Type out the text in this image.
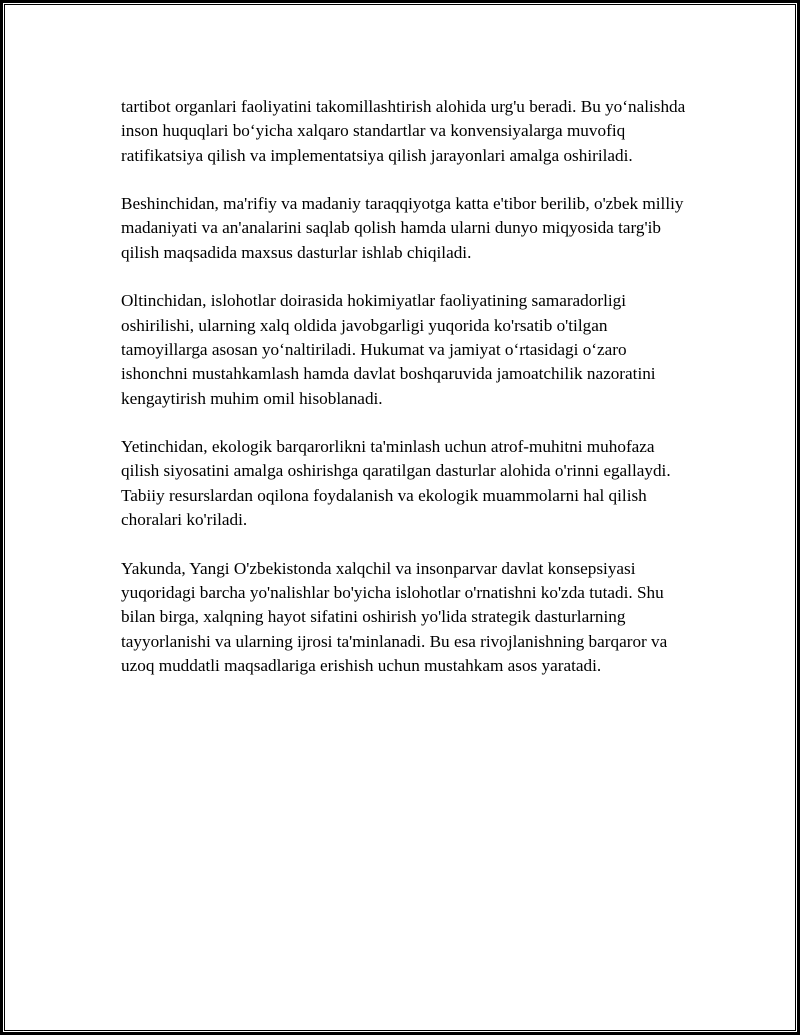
tartibot organlari faoliyatini takomillashtirish alohida urg'u beradi. Bu yo‘nalishda inson huquqlari bo‘yicha xalqaro standartlar va konvensiyalarga muvofiq ratifikatsiya qilish va implementatsiya qilish jarayonlari amalga oshiriladi.

Beshinchidan, ma'rifiy va madaniy taraqqiyotga katta e'tibor berilib, o'zbek milliy madaniyati va an'analarini saqlab qolish hamda ularni dunyo miqyosida targ'ib qilish maqsadida maxsus dasturlar ishlab chiqiladi.

Oltinchidan, islohotlar doirasida hokimiyatlar faoliyatining samaradorligi oshirilishi, ularning xalq oldida javobgarligi yuqorida ko'rsatib o'tilgan tamoyillarga asosan yo‘naltiriladi. Hukumat va jamiyat o‘rtasidagi o‘zaro ishonchni mustahkamlash hamda davlat boshqaruvida jamoatchilik nazoratini kengaytirish muhim omil hisoblanadi.

Yetinchidan, ekologik barqarorlikni ta'minlash uchun atrof-muhitni muhofaza qilish siyosatini amalga oshirishga qaratilgan dasturlar alohida o'rinni egallaydi. Tabiiy resurslardan oqilona foydalanish va ekologik muammolarni hal qilish choralari ko'riladi.

Yakunda, Yangi O'zbekistonda xalqchil va insonparvar davlat konsepsiyasi yuqoridagi barcha yo'nalishlar bo'yicha islohotlar o'rnatishni ko'zda tutadi. Shu bilan birga, xalqning hayot sifatini oshirish yo'lida strategik dasturlarning tayyorlanishi va ularning ijrosi ta'minlanadi. Bu esa rivojlanishning barqaror va uzoq muddatli maqsadlariga erishish uchun mustahkam asos yaratadi.
